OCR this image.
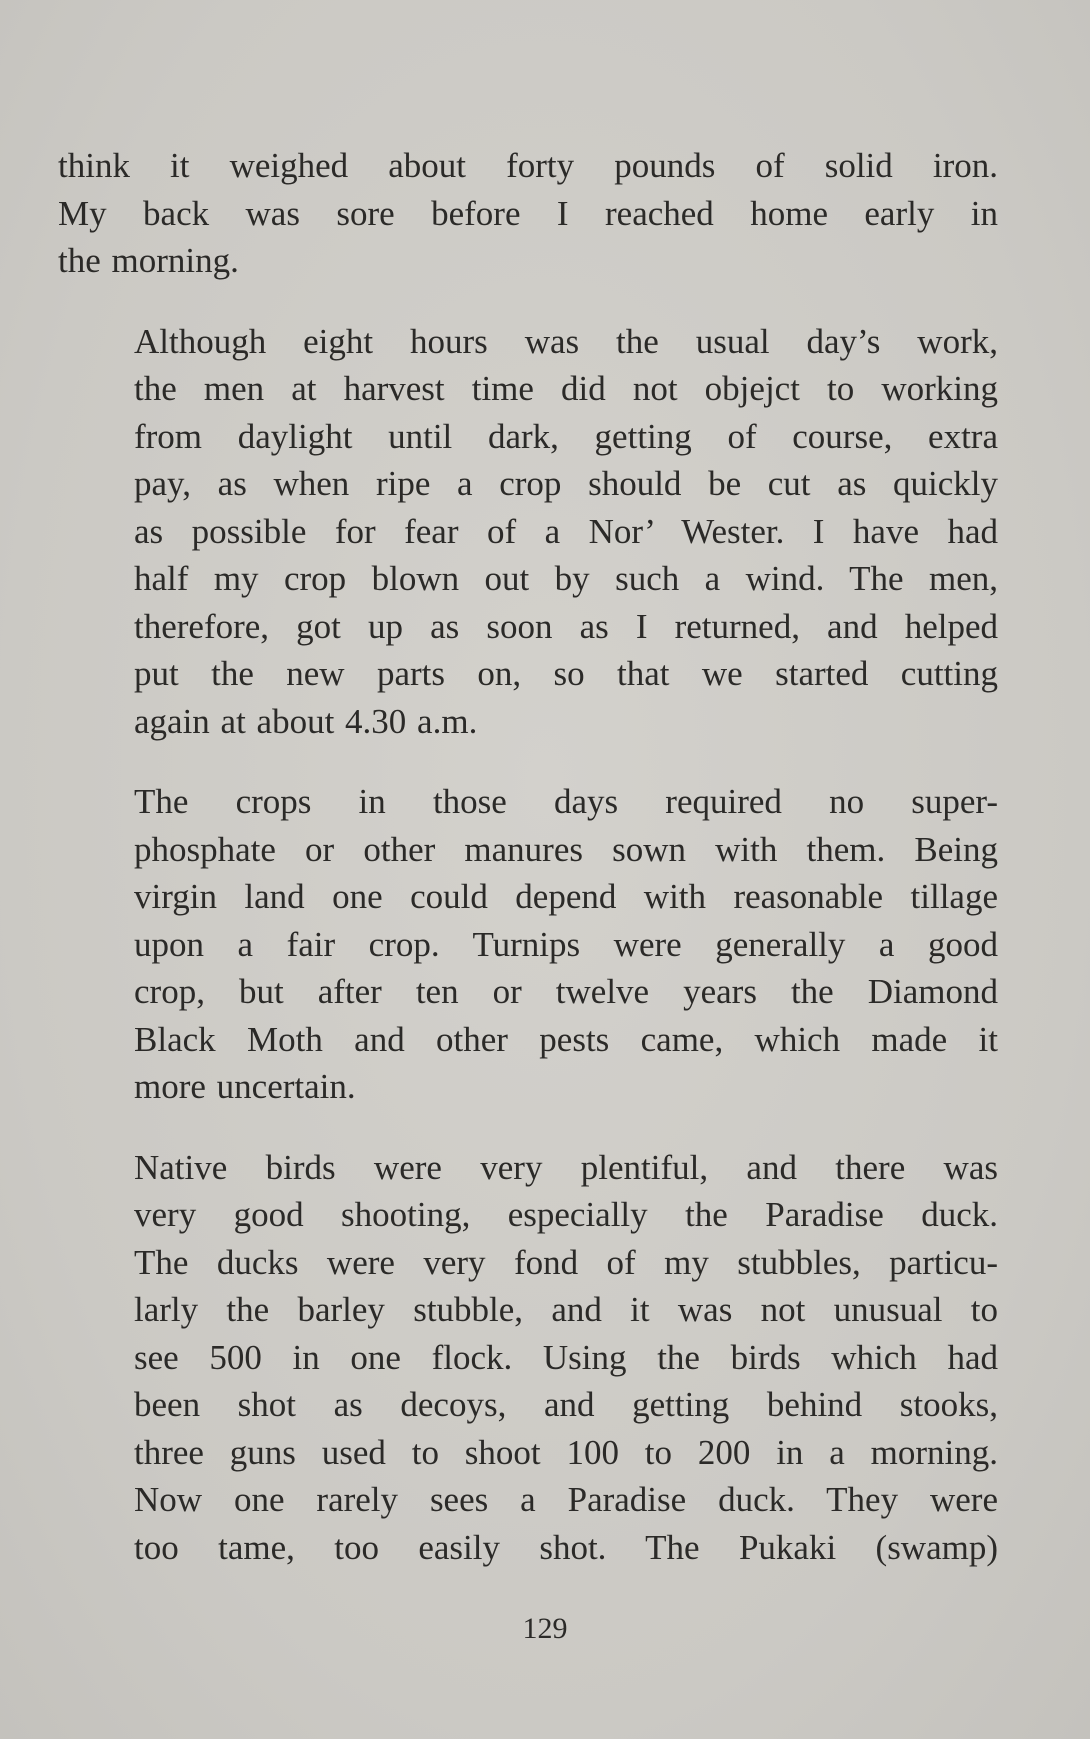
think it weighed about forty pounds of solid iron.
My back was sore before I reached home early in
the morning.

Although eight hours was the usual day’s work,
the men at harvest time did not objejct to working
from daylight until dark, getting of course, extra
pay, as when ripe a crop should be cut as quickly
as possible for fear of a Nor’ Wester. I have had
half my crop blown out by such a wind. The men,
therefore, got up as soon as I returned, and helped
put the new parts on, so that we started cutting
again at about 4.30 a.m.

The crops in those days required no super-
phosphate or other manures sown with them. Being
virgin land one could depend with reasonable tillage
upon a fair crop. Turnips were generally a good
crop, but after ten or twelve years the Diamond
Black Moth and other pests came, which made it
more uncertain.

Native birds were very plentiful, and there was
very good shooting, especially the Paradise duck.
The ducks were very fond of my stubbles, particu-
larly the barley stubble, and it was not unusual to
see 500 in one flock. Using the birds which had
been shot as decoys, and getting behind stooks,
three guns used to shoot 100 to 200 in a morning.
Now one rarely sees a Paradise duck. They were
too tame, too easily shot. The Pukaki (swamp)

129
